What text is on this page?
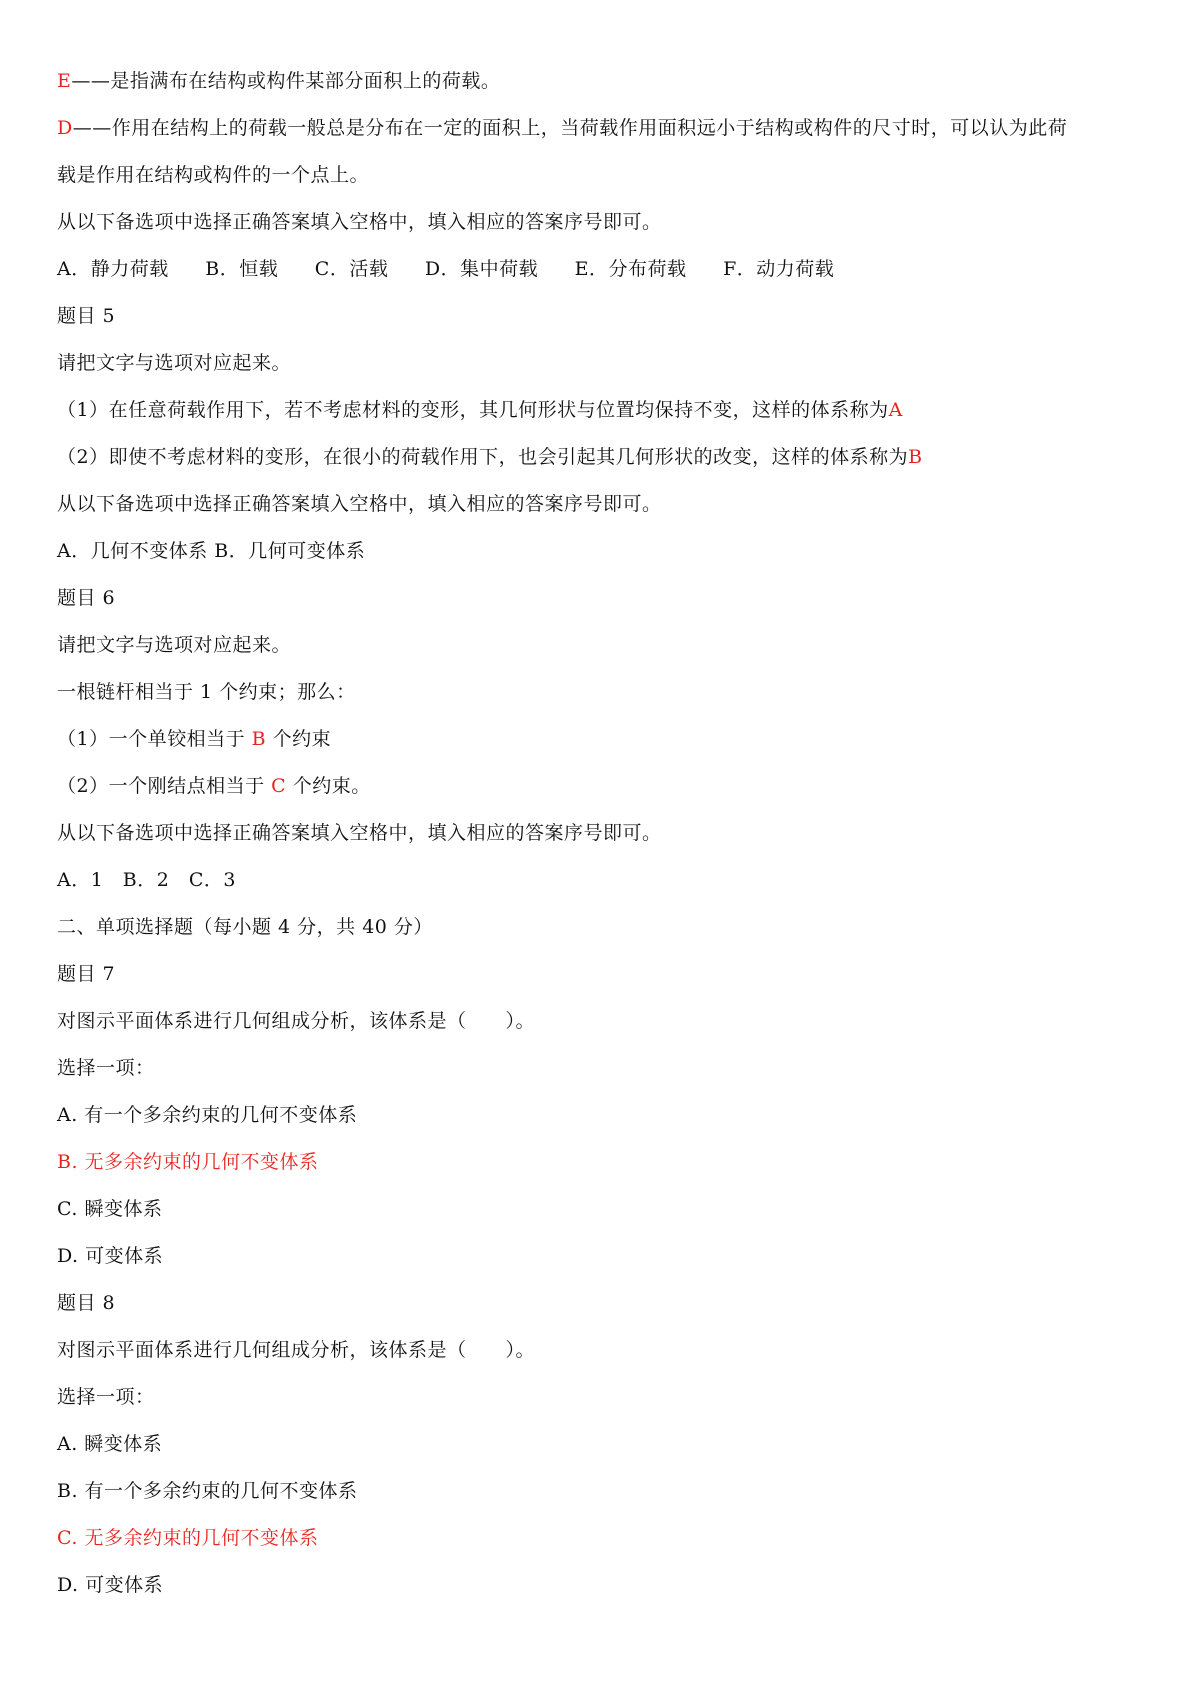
E——是指满布在结构或构件某部分面积上的荷载。
D——作用在结构上的荷载一般总是分布在一定的面积上，当荷载作用面积远小于结构或构件的尺寸时，可以认为此荷
载是作用在结构或构件的一个点上。
从以下备选项中选择正确答案填入空格中，填入相应的答案序号即可。
A．静力荷载 B．恒载 C．活载 D．集中荷载 E．分布荷载 F．动力荷载
题目 5
请把文字与选项对应起来。
（1）在任意荷载作用下，若不考虑材料的变形，其几何形状与位置均保持不变，这样的体系称为A
（2）即使不考虑材料的变形，在很小的荷载作用下，也会引起其几何形状的改变，这样的体系称为B
从以下备选项中选择正确答案填入空格中，填入相应的答案序号即可。
A．几何不变体系 B．几何可变体系
题目 6
请把文字与选项对应起来。
一根链杆相当于 1 个约束；那么：
（1）一个单铰相当于 B 个约束
（2）一个刚结点相当于 C 个约束。
从以下备选项中选择正确答案填入空格中，填入相应的答案序号即可。
A．1　B．2　C．3
二、单项选择题（每小题 4 分，共 40 分）
题目 7
对图示平面体系进行几何组成分析，该体系是（　　）。
选择一项：
A. 有一个多余约束的几何不变体系
B. 无多余约束的几何不变体系
C. 瞬变体系
D. 可变体系
题目 8
对图示平面体系进行几何组成分析，该体系是（　　）。
选择一项：
A. 瞬变体系
B. 有一个多余约束的几何不变体系
C. 无多余约束的几何不变体系
D. 可变体系
